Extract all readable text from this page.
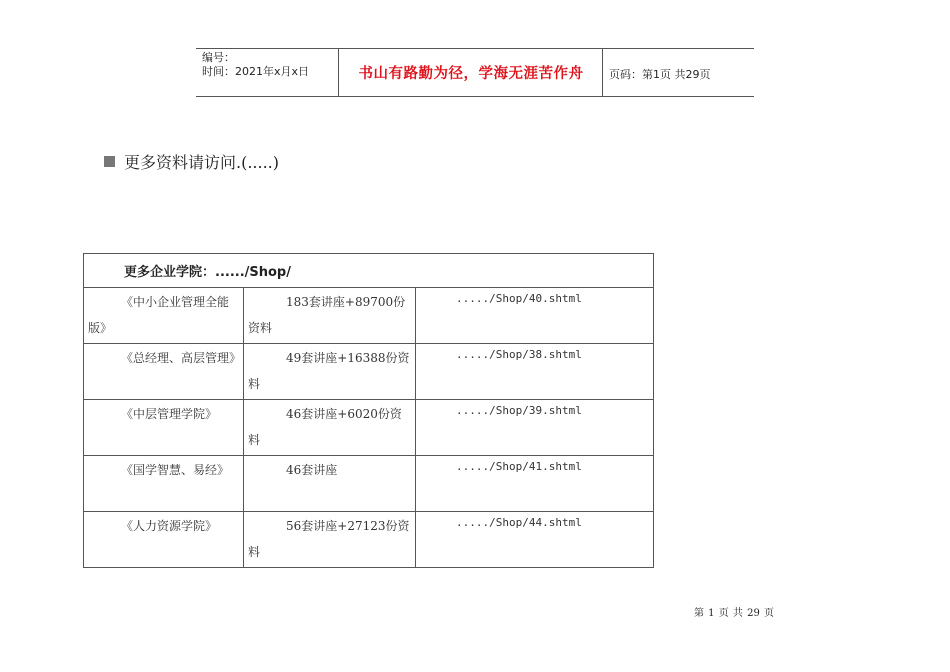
编号：
时间：2021年x月x日	书山有路勤为径，学海无涯苦作舟	页码：第1页 共29页
更多资料请访问.(.....)
更多企业学院：....../Shop/		

《中小企业管理全能版》	183套讲座+89700份资料	...../Shop/40.shtml

《总经理、高层管理》	49套讲座+16388份资料	...../Shop/38.shtml

《中层管理学院》	46套讲座+6020份资料	...../Shop/39.shtml

《国学智慧、易经》	46套讲座	...../Shop/41.shtml

《人力资源学院》	56套讲座+27123份资料	...../Shop/44.shtml
第 1 页 共 29 页
